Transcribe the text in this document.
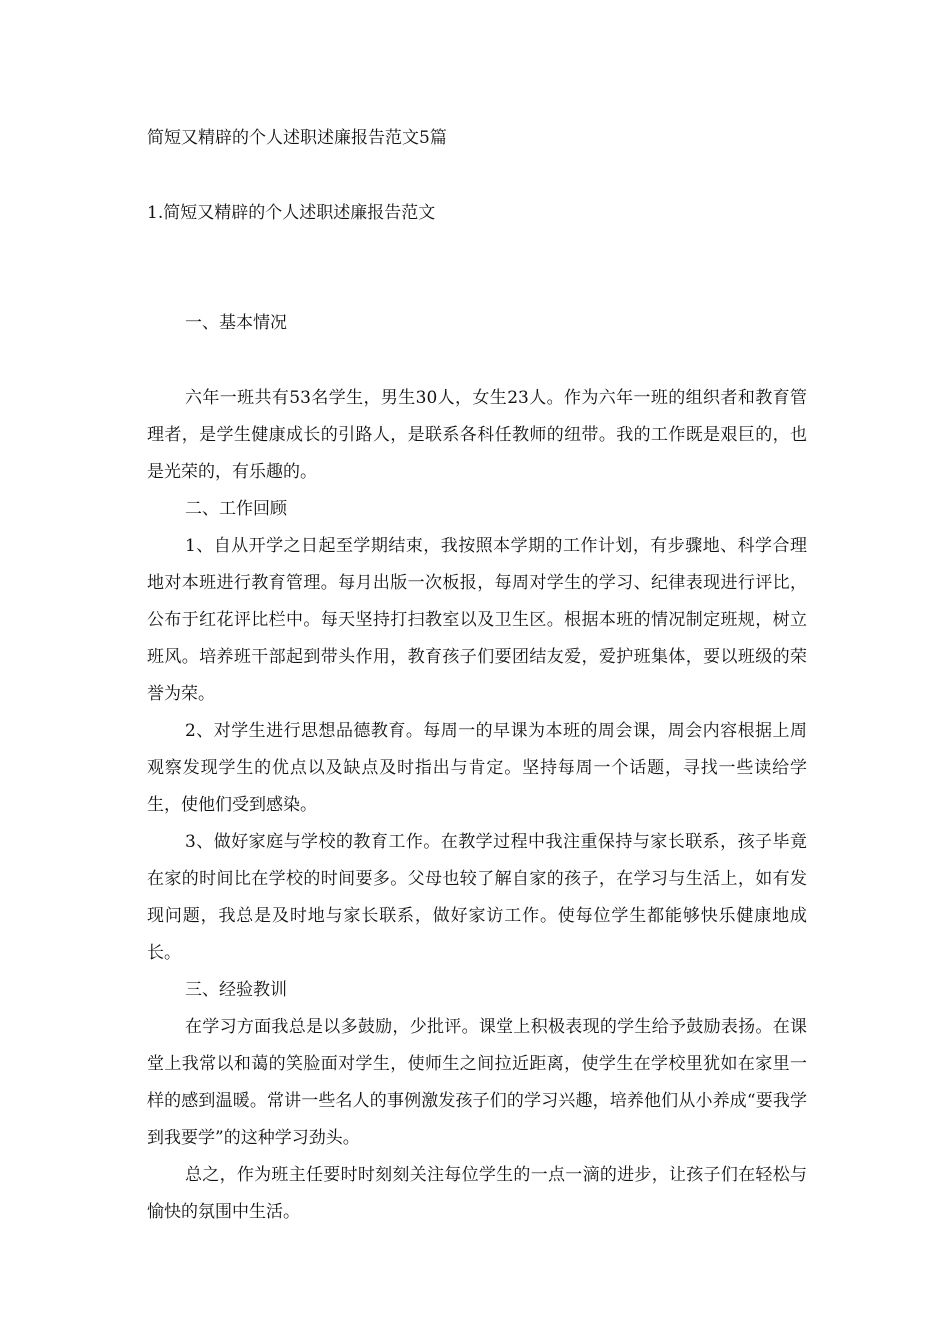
简短又精辟的个人述职述廉报告范文5篇
1.简短又精辟的个人述职述廉报告范文
一、基本情况

六年一班共有53名学生，男生30人，女生23人。作为六年一班的组织者和教育管理者，是学生健康成长的引路人，是联系各科任教师的纽带。我的工作既是艰巨的，也是光荣的，有乐趣的。

二、工作回顾

1、自从开学之日起至学期结束，我按照本学期的工作计划，有步骤地、科学合理地对本班进行教育管理。每月出版一次板报，每周对学生的学习、纪律表现进行评比，公布于红花评比栏中。每天坚持打扫教室以及卫生区。根据本班的情况制定班规，树立班风。培养班干部起到带头作用，教育孩子们要团结友爱，爱护班集体，要以班级的荣誉为荣。

2、对学生进行思想品德教育。每周一的早课为本班的周会课，周会内容根据上周观察发现学生的优点以及缺点及时指出与肯定。坚持每周一个话题，寻找一些读给学生，使他们受到感染。

3、做好家庭与学校的教育工作。在教学过程中我注重保持与家长联系，孩子毕竟在家的时间比在学校的时间要多。父母也较了解自家的孩子，在学习与生活上，如有发现问题，我总是及时地与家长联系，做好家访工作。使每位学生都能够快乐健康地成长。

三、经验教训

在学习方面我总是以多鼓励，少批评。课堂上积极表现的学生给予鼓励表扬。在课堂上我常以和蔼的笑脸面对学生，使师生之间拉近距离，使学生在学校里犹如在家里一样的感到温暖。常讲一些名人的事例激发孩子们的学习兴趣，培养他们从小养成“要我学到我要学”的这种学习劲头。

总之，作为班主任要时时刻刻关注每位学生的一点一滴的进步，让孩子们在轻松与愉快的氛围中生活。
